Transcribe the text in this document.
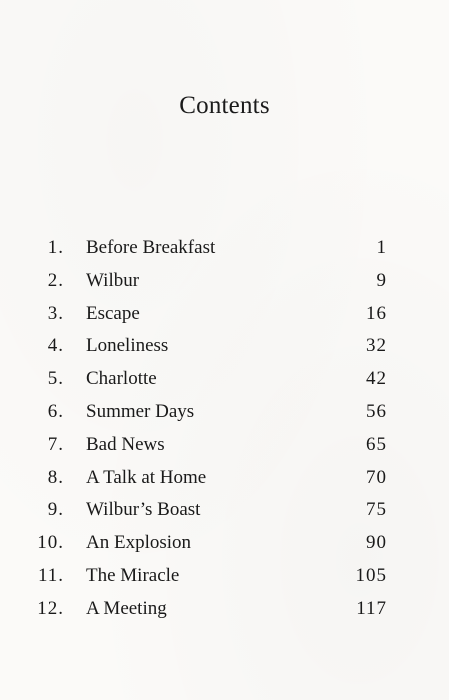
Contents
1. Before Breakfast	1
2. Wilbur	9
3. Escape	16
4. Loneliness	32
5. Charlotte	42
6. Summer Days	56
7. Bad News	65
8. A Talk at Home	70
9. Wilbur’s Boast	75
10. An Explosion	90
11. The Miracle	105
12. A Meeting	117
